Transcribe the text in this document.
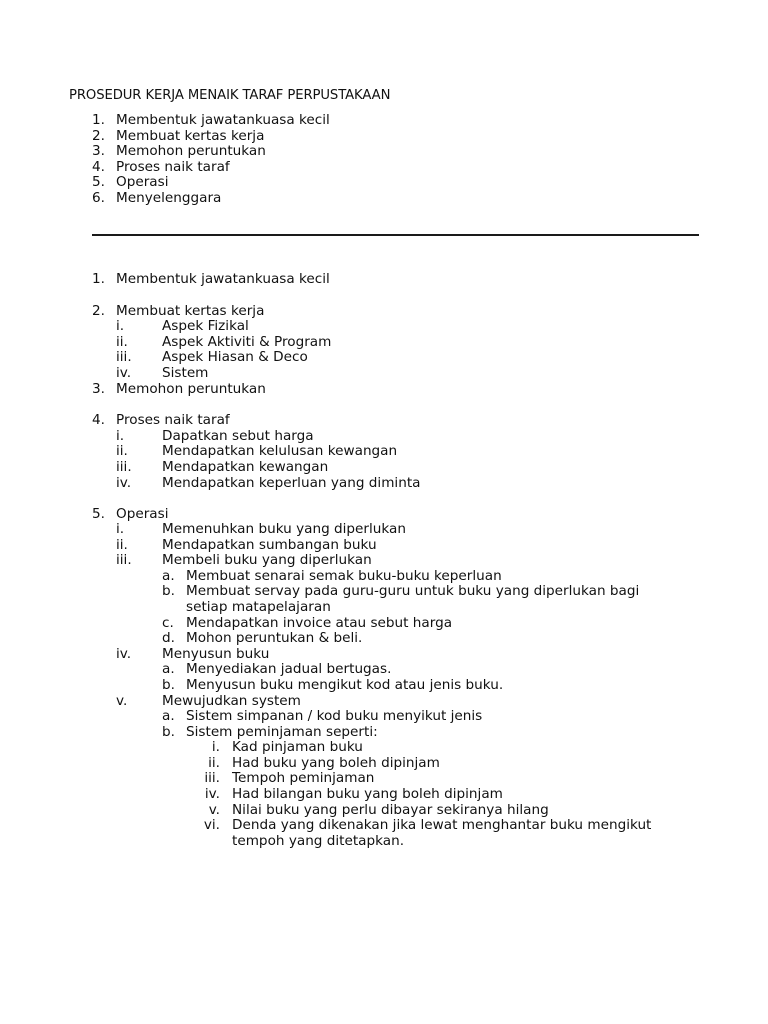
PROSEDUR KERJA MENAIK TARAF PERPUSTAKAAN
1. Membentuk jawatankuasa kecil
2. Membuat kertas kerja
3. Memohon peruntukan
4. Proses naik taraf
5. Operasi
6. Menyelenggara
1. Membentuk jawatankuasa kecil
2. Membuat kertas kerja
i.	Aspek Fizikal
ii.	Aspek Aktiviti & Program
iii. Aspek Hiasan & Deco
iv. Sistem
3. Memohon peruntukan
4. Proses naik taraf
i.	Dapatkan sebut harga
ii.	Mendapatkan kelulusan kewangan
iii. Mendapatkan kewangan
iv. Mendapatkan keperluan yang diminta
5. Operasi
i.	Memenuhkan buku yang diperlukan
ii.	Mendapatkan sumbangan buku
iii. Membeli buku yang diperlukan
a. Membuat senarai semak buku-buku keperluan
b. Membuat servay pada guru-guru untuk buku yang diperlukan bagi
setiap matapelajaran
c. Mendapatkan invoice atau sebut harga
d. Mohon peruntukan & beli.
iv. Menyusun buku
a. Menyediakan jadual bertugas.
b. Menyusun buku mengikut kod atau jenis buku.
v.	Mewujudkan system
a. Sistem simpanan / kod buku menyikut jenis
b. Sistem peminjaman seperti:
i. Kad pinjaman buku
ii. Had buku yang boleh dipinjam
iii. Tempoh peminjaman
iv. Had bilangan buku yang boleh dipinjam
v. Nilai buku yang perlu dibayar sekiranya hilang
vi. Denda yang dikenakan jika lewat menghantar buku mengikut
tempoh yang ditetapkan.
